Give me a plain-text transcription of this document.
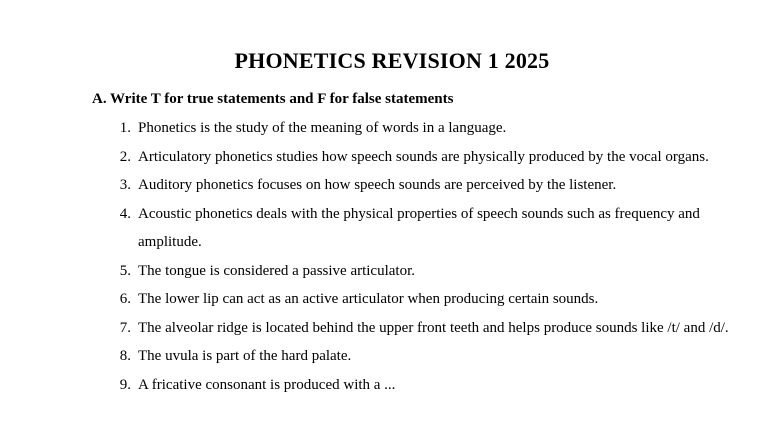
PHONETICS REVISION 1 2025
A. Write T for true statements and F for false statements
1. Phonetics is the study of the meaning of words in a language.
2. Articulatory phonetics studies how speech sounds are physically produced by the vocal organs.
3. Auditory phonetics focuses on how speech sounds are perceived by the listener.
4. Acoustic phonetics deals with the physical properties of speech sounds such as frequency and amplitude.
5. The tongue is considered a passive articulator.
6. The lower lip can act as an active articulator when producing certain sounds.
7. The alveolar ridge is located behind the upper front teeth and helps produce sounds like /t/ and /d/.
8. The uvula is part of the hard palate.
9. A fricative consonant is produced with a ...
